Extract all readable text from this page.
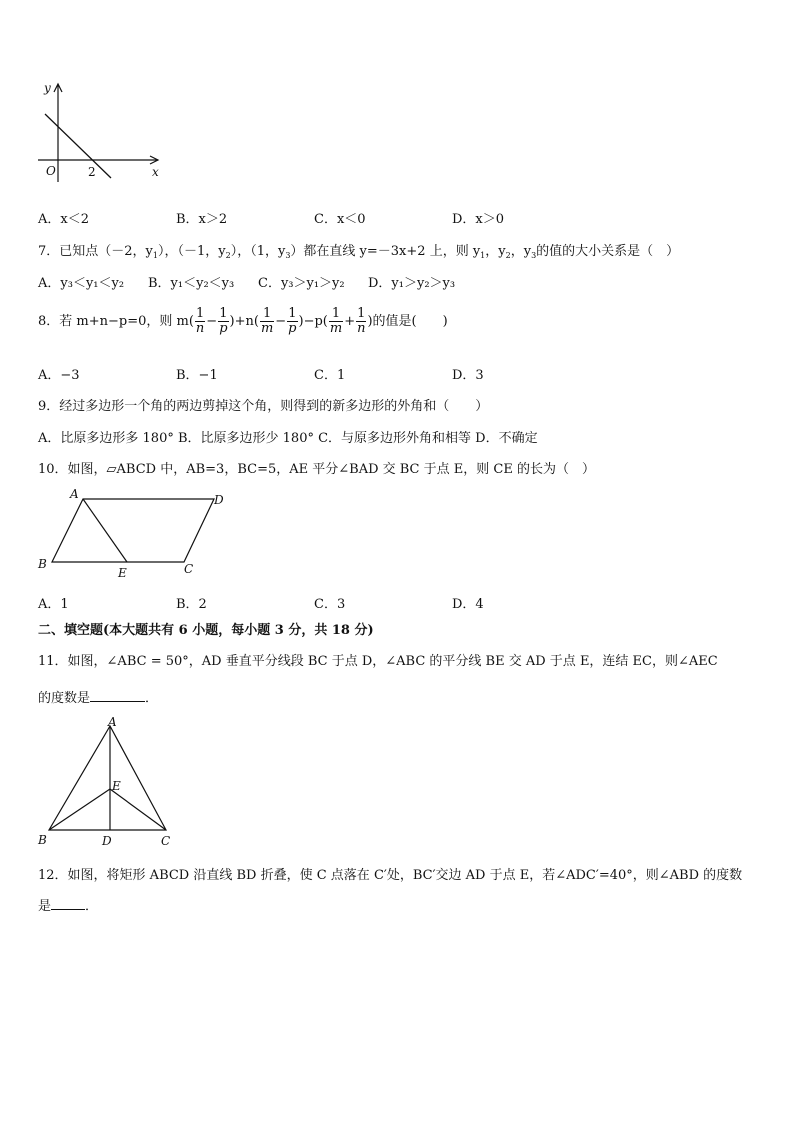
y
x
O	2
A．x＜2	B．x＞2	C．x＜0	D．x＞0
7．已知点（－2，$y_1$），（－1，$y_2$），（1，$y_3$）都在直线 y=－3x+2 上，则 $y_1$，$y_2$，$y_3$的值的大小关系是（　）
A．y₃＜y₁＜y₂ B．y₁＜y₂＜y₃ C．y₃＞y₁＞y₂ D．y₁＞y₂＞y₃
8．若 m+n−p=0，则 $m( \frac{1}{n} - \frac{1}{p} )+n( \frac{1}{m} - \frac{1}{p} )-p( \frac{1}{m} + \frac{1}{n}$ )的值是(　　)
A．−3	B．−1	C．1	D．3
9．经过多边形一个角的两边剪掉这个角，则得到的新多边形的外角和（　　）
A．比原多边形多 180° B．比原多边形少 180° C．与原多边形外角和相等 D．不确定
10．如图，▱ABCD 中，AB=3，BC=5，AE 平分∠BAD 交 BC 于点 E，则 CE 的长为（　）
A	D
B
E	C
A．1	B．2	C．3	D．4
二、填空题(本大题共有 6 小题，每小题 3 分，共 18 分)
11．如图，∠ABC = 50°，AD 垂直平分线段 BC 于点 D，∠ABC 的平分线 BE 交 AD 于点 E，连结 EC，则∠AEC
的度数是	．
A
E
B	D	C
12．如图，将矩形 ABCD 沿直线 BD 折叠，使 C 点落在 C′处，BC′交边 AD 于点 E，若∠ADC′=40°，则∠ABD 的度数
是	．
